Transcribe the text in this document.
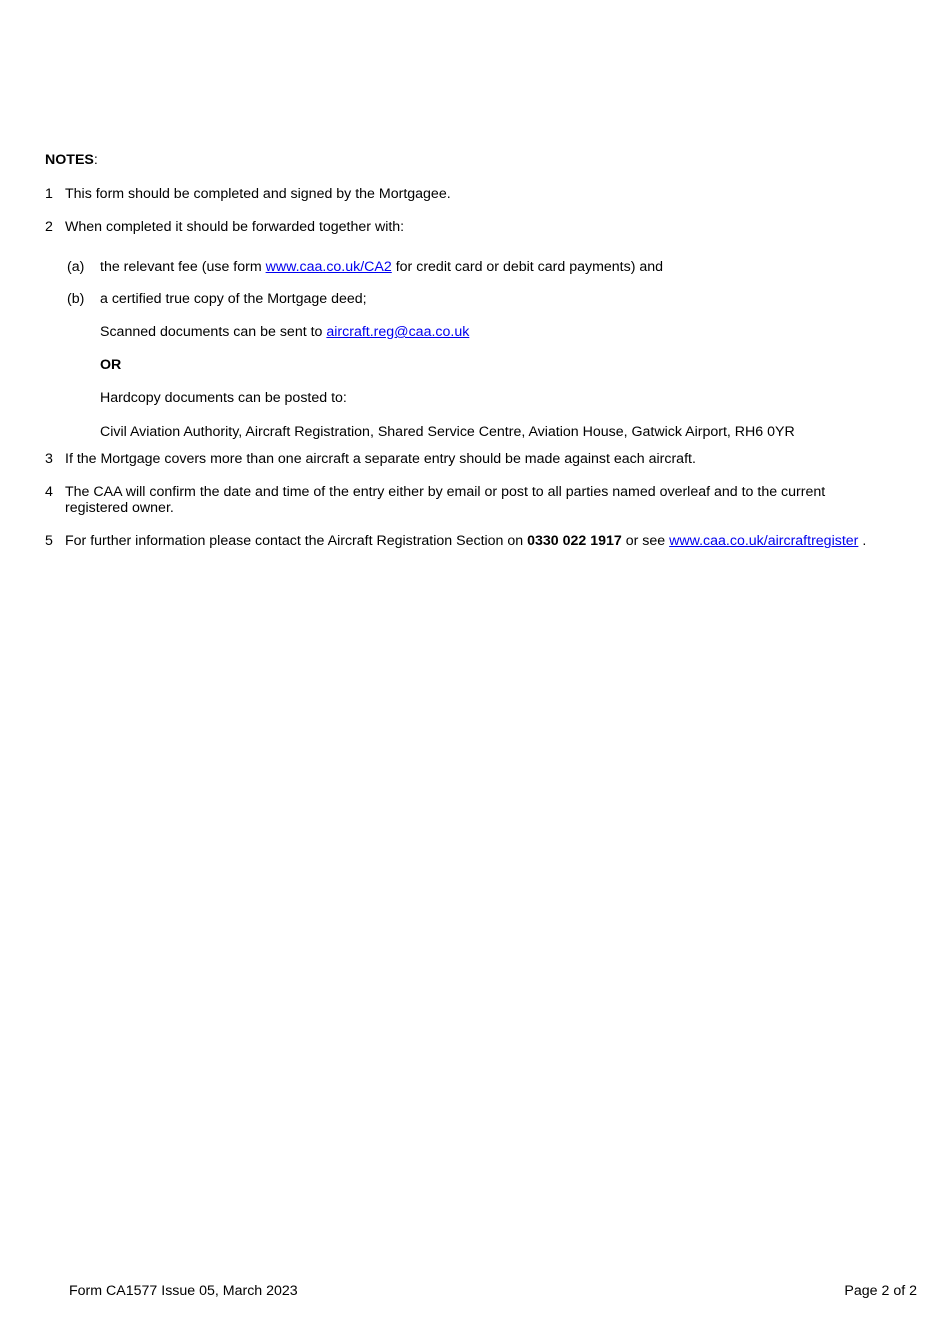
NOTES:
1 This form should be completed and signed by the Mortgagee.
2 When completed it should be forwarded together with:
(a) the relevant fee (use form www.caa.co.uk/CA2 for credit card or debit card payments) and
(b) a certified true copy of the Mortgage deed;
Scanned documents can be sent to aircraft.reg@caa.co.uk
OR
Hardcopy documents can be posted to:
Civil Aviation Authority, Aircraft Registration, Shared Service Centre, Aviation House, Gatwick Airport, RH6 0YR
3 If the Mortgage covers more than one aircraft a separate entry should be made against each aircraft.
4 The CAA will confirm the date and time of the entry either by email or post to all parties named overleaf and to the current
registered owner.
5 For further information please contact the Aircraft Registration Section on 0330 022 1917 or see www.caa.co.uk/aircraftregister .
Form CA1577 Issue 05, March 2023	Page 2 of 2
